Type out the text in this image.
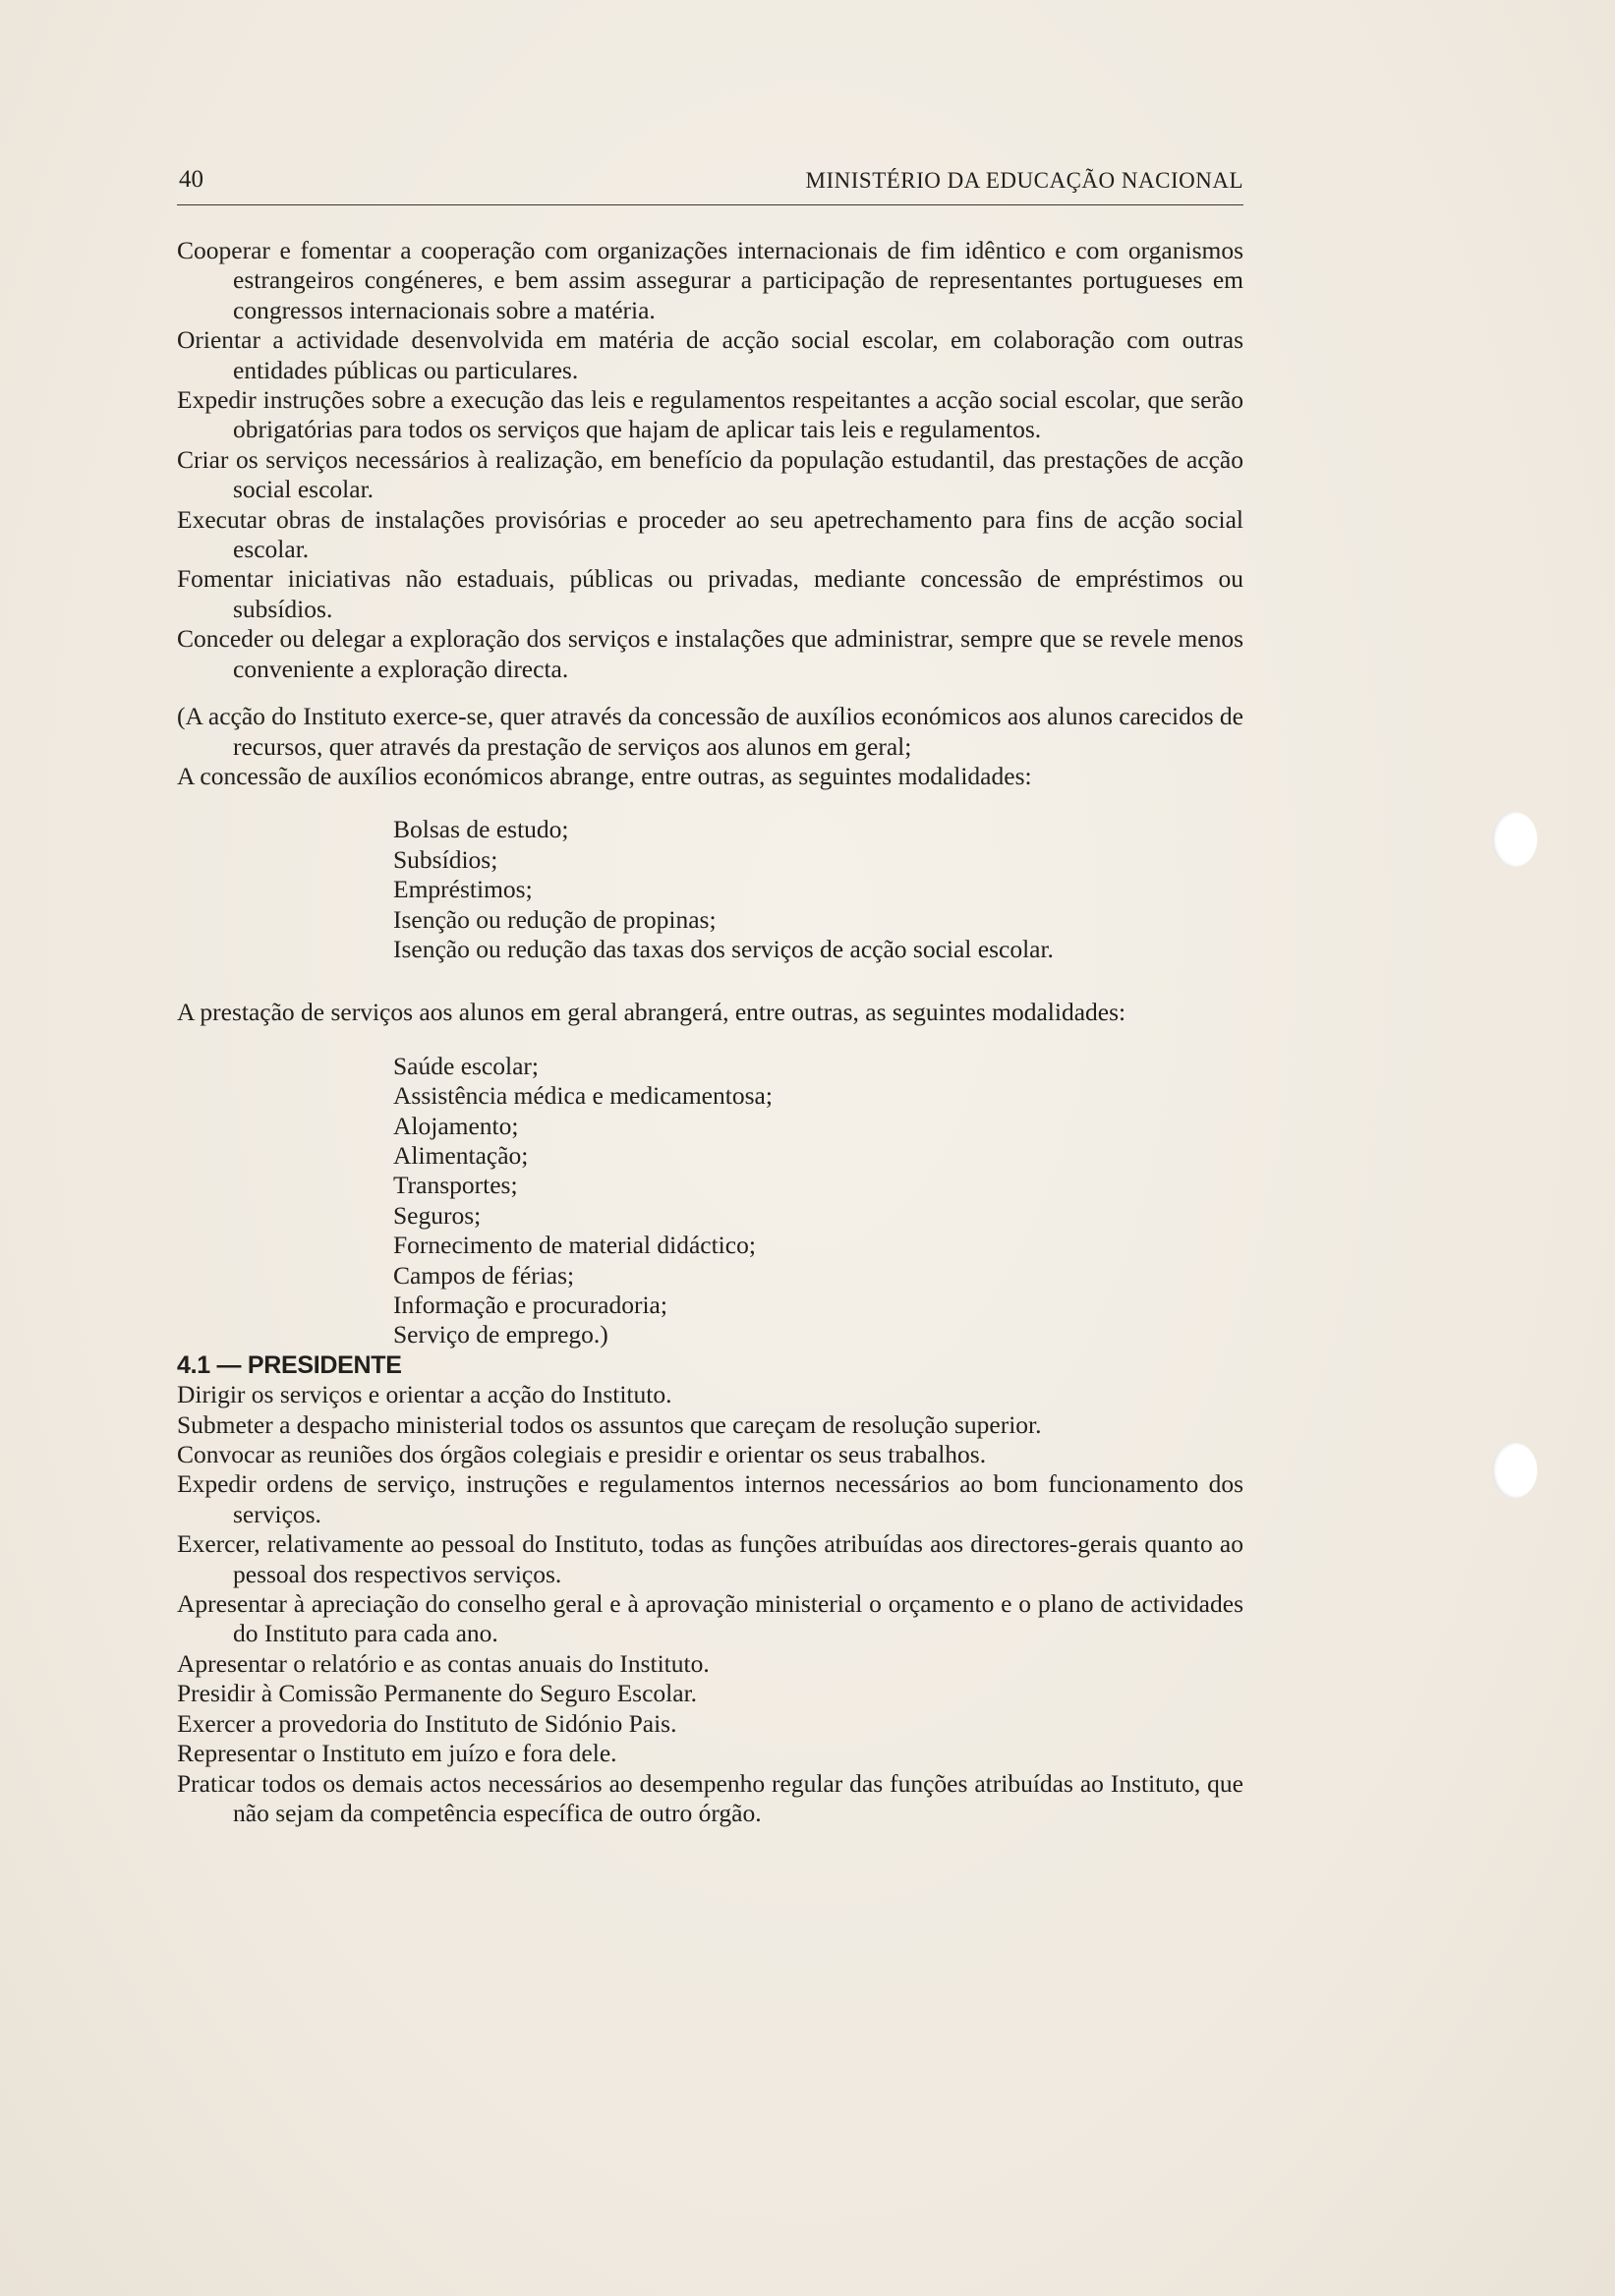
40	MINISTÉRIO DA EDUCAÇÃO NACIONAL

Cooperar e fomentar a cooperação com organizações internacionais de fim idêntico e com organismos estrangeiros congéneres, e bem assim assegurar a participação de representantes portugueses em congressos internacionais sobre a matéria.

Orientar a actividade desenvolvida em matéria de acção social escolar, em colaboração com outras entidades públicas ou particulares.

Expedir instruções sobre a execução das leis e regulamentos respeitantes a acção social escolar, que serão obrigatórias para todos os serviços que hajam de aplicar tais leis e regulamentos.

Criar os serviços necessários à realização, em benefício da população estudantil, das prestações de acção social escolar.

Executar obras de instalações provisórias e proceder ao seu apetrechamento para fins de acção social escolar.

Fomentar iniciativas não estaduais, públicas ou privadas, mediante concessão de empréstimos ou subsídios.

Conceder ou delegar a exploração dos serviços e instalações que administrar, sempre que se revele menos conveniente a exploração directa.

(A acção do Instituto exerce-se, quer através da concessão de auxílios económicos aos alunos carecidos de recursos, quer através da prestação de serviços aos alunos em geral;

A concessão de auxílios económicos abrange, entre outras, as seguintes modalidades:

Bolsas de estudo;

Subsídios;

Empréstimos;

Isenção ou redução de propinas;

Isenção ou redução das taxas dos serviços de acção social escolar.

A prestação de serviços aos alunos em geral abrangerá, entre outras, as seguintes modalidades:

Saúde escolar;

Assistência médica e medicamentosa;

Alojamento;

Alimentação;

Transportes;

Seguros;

Fornecimento de material didáctico;

Campos de férias;

Informação e procuradoria;

Serviço de emprego.)

4.1 — PRESIDENTE

Dirigir os serviços e orientar a acção do Instituto.

Submeter a despacho ministerial todos os assuntos que careçam de resolução superior.

Convocar as reuniões dos órgãos colegiais e presidir e orientar os seus trabalhos.

Expedir ordens de serviço, instruções e regulamentos internos necessários ao bom funcionamento dos serviços.

Exercer, relativamente ao pessoal do Instituto, todas as funções atribuídas aos directores-gerais quanto ao pessoal dos respectivos serviços.

Apresentar à apreciação do conselho geral e à aprovação ministerial o orçamento e o plano de actividades do Instituto para cada ano.

Apresentar o relatório e as contas anuais do Instituto.

Presidir à Comissão Permanente do Seguro Escolar.

Exercer a provedoria do Instituto de Sidónio Pais.

Representar o Instituto em juízo e fora dele.

Praticar todos os demais actos necessários ao desempenho regular das funções atribuídas ao Instituto, que não sejam da competência específica de outro órgão.
